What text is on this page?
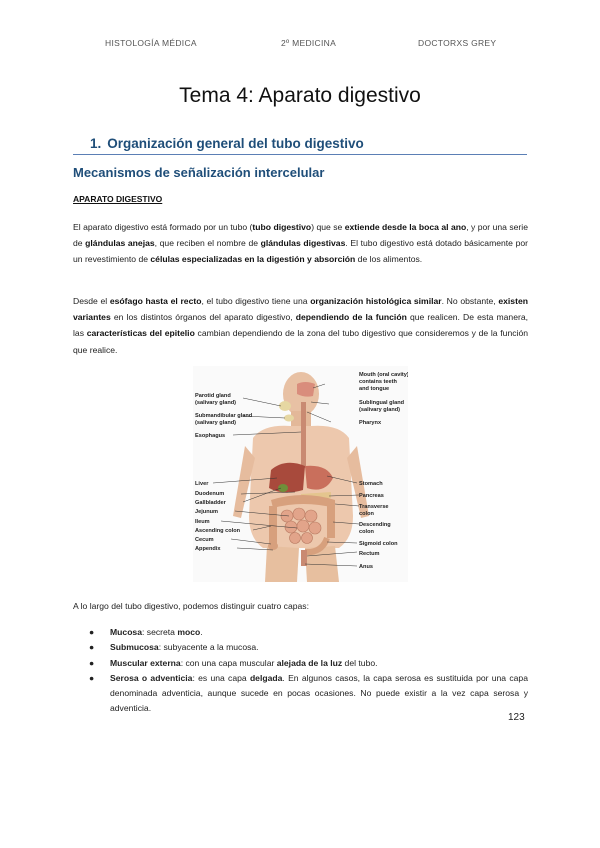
HISTOLOGÍA MÉDICA	2º MEDICINA	DOCTORXS GREY
Tema 4: Aparato digestivo
1. Organización general del tubo digestivo
Mecanismos de señalización intercelular
APARATO DIGESTIVO
El aparato digestivo está formado por un tubo (tubo digestivo) que se extiende desde la boca al ano, y por una serie de glándulas anejas, que reciben el nombre de glándulas digestivas. El tubo digestivo está dotado básicamente por un revestimiento de células especializadas en la digestión y absorción de los alimentos.
Desde el esófago hasta el recto, el tubo digestivo tiene una organización histológica similar. No obstante, existen variantes en los distintos órganos del aparato digestivo, dependiendo de la función que realicen. De esta manera, las características del epitelio cambian dependiendo de la zona del tubo digestivo que consideremos y de la función que realice.
Parotid gland
(salivary gland)
Submandibular gland
(salivary gland)
Esophagus
Liver
Duodenum
Gallbladder
Jejunum
Ileum
Ascending colon
Cecum
Appendix
Mouth (oral cavity)
contains teeth
and tongue
Sublingual gland
(salivary gland)
Pharynx
Stomach
Pancreas
Transverse
colon
Descending
colon
Sigmoid colon
Rectum
Anus
A lo largo del tubo digestivo, podemos distinguir cuatro capas:
● Mucosa: secreta moco.
● Submucosa: subyacente a la mucosa.
● Muscular externa: con una capa muscular alejada de la luz del tubo.
● Serosa o adventicia: es una capa delgada. En algunos casos, la capa serosa es sustituida por una capa denominada adventicia, aunque sucede en pocas ocasiones. No puede existir a la vez capa serosa y adventicia.
123
